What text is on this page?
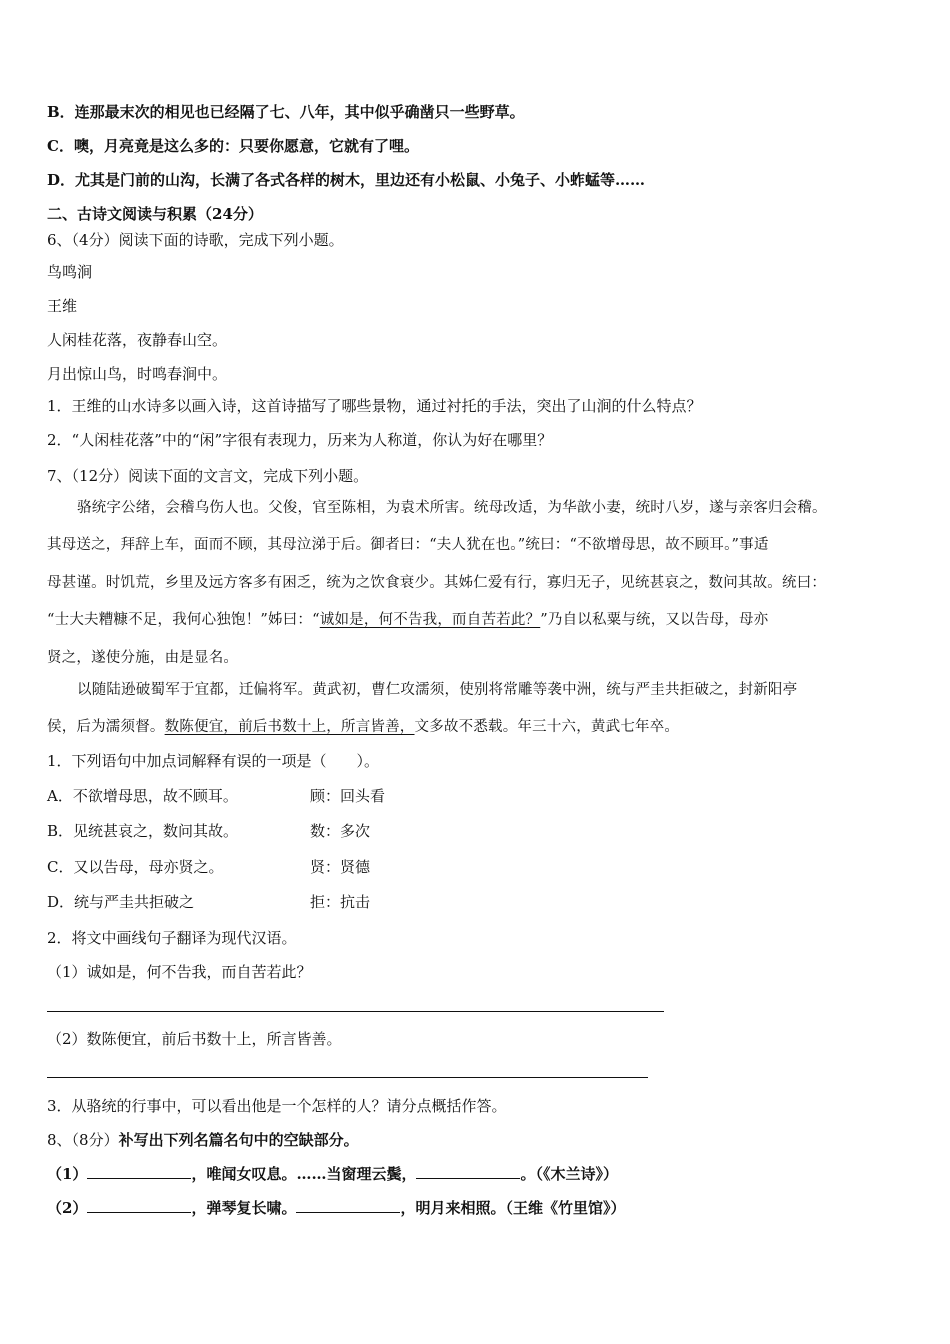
B．连那最末次的相见也已经隔了七、八年，其中似乎确凿只一些野草。
C．噢，月亮竟是这么多的：只要你愿意，它就有了哩。
D．尤其是门前的山沟，长满了各式各样的树木，里边还有小松鼠、小兔子、小蚱蜢等……
二、古诗文阅读与积累（24分）
6、（4分）阅读下面的诗歌，完成下列小题。
鸟鸣涧
王维
人闲桂花落，夜静春山空。
月出惊山鸟，时鸣春涧中。
1．王维的山水诗多以画入诗，这首诗描写了哪些景物，通过衬托的手法，突出了山涧的什么特点？
2．“人闲桂花落”中的“闲”字很有表现力，历来为人称道，你认为好在哪里？
7、（12分）阅读下面的文言文，完成下列小题。
骆统字公绪，会稽乌伤人也。父俊，官至陈相，为袁术所害。统母改适，为华歆小妻，统时八岁，遂与亲客归会稽。
其母送之，拜辞上车，面而不顾，其母泣涕于后。御者曰：“夫人犹在也。”统曰：“不欲增母思，故不顾耳。”事适
母甚谨。时饥荒，乡里及远方客多有困乏，统为之饮食衰少。其姊仁爱有行，寡归无子，见统甚哀之，数问其故。统曰：
“士大夫糟糠不足，我何心独饱！”姊曰：“诚如是，何不告我，而自苦若此？”乃自以私粟与统，又以告母，母亦
贤之，遂使分施，由是显名。
以随陆逊破蜀军于宜都，迁偏将军。黄武初，曹仁攻濡须，使别将常雕等袭中洲，统与严圭共拒破之，封新阳亭
侯，后为濡须督。数陈便宜，前后书数十上，所言皆善，文多故不悉载。年三十六，黄武七年卒。
1．下列语句中加点词解释有误的一项是（　　）。
A．不欲增母思，故不顾耳。	顾：回头看
B．见统甚哀之，数问其故。	数：多次
C．又以告母，母亦贤之。	贤：贤德
D．统与严圭共拒破之	拒：抗击
2．将文中画线句子翻译为现代汉语。
（1）诚如是，何不告我，而自苦若此？
（2）数陈便宜，前后书数十上，所言皆善。
3．从骆统的行事中，可以看出他是一个怎样的人？请分点概括作答。
8、（8分）补写出下列名篇名句中的空缺部分。
（1）	，唯闻女叹息。……当窗理云鬓，	。（《木兰诗》）
（2）	，弹琴复长啸。	，明月来相照。（王维《竹里馆》）
